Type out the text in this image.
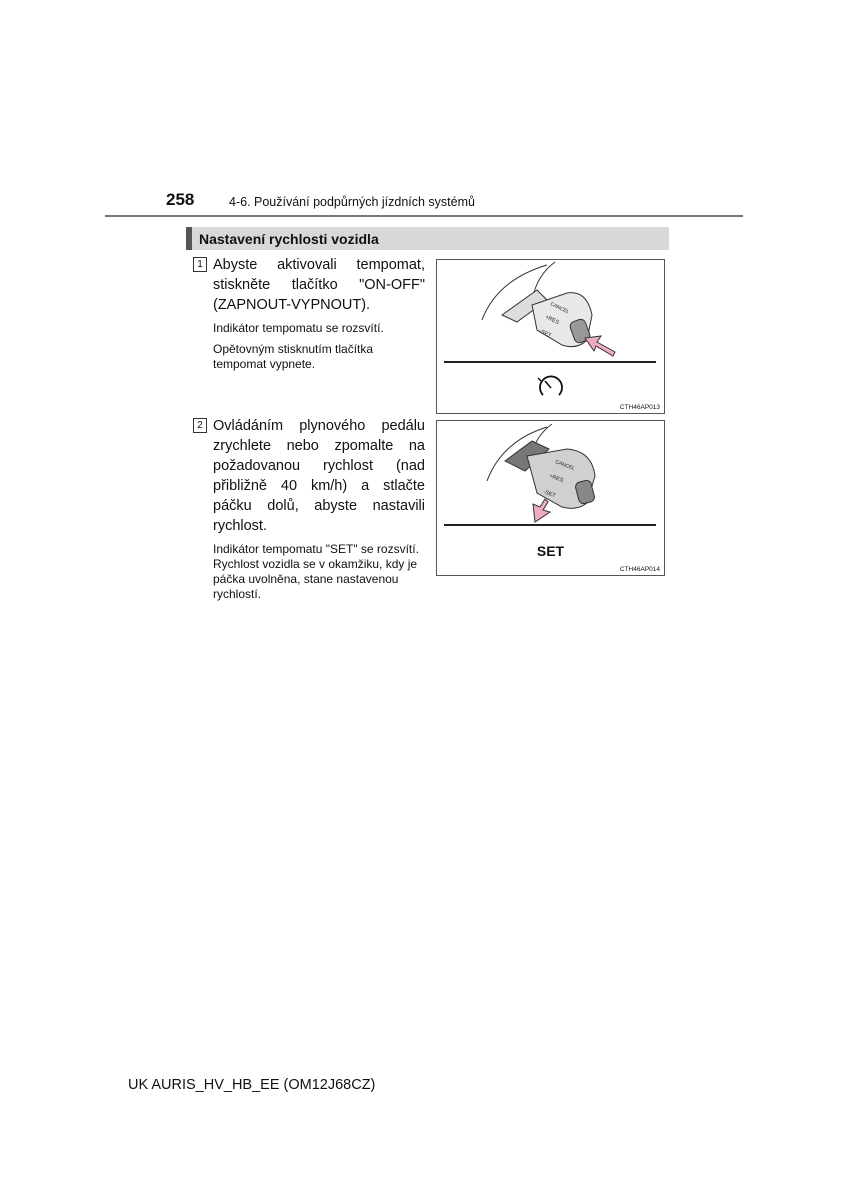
258	4-6. Používání podpůrných jízdních systémů
Nastavení rychlosti vozidla
1 Abyste aktivovali tempomat, stiskněte tlačítko "ON-OFF" (ZAPNOUT-VYPNOUT).
Indikátor tempomatu se rozsvítí.
Opětovným stisknutím tlačítka tempomat vypnete.
2 Ovládáním plynového pedálu zrychlete nebo zpomalte na požadovanou rychlost (nad přibližně 40 km/h) a stlačte páčku dolů, abyste nastavili rychlost.
Indikátor tempomatu "SET" se rozsvítí.
Rychlost vozidla se v okamžiku, kdy je páčka uvolněna, stane nastavenou rychlostí.
CANCEL
+RES
-SET
CTH46AP013
CANCEL
+RES
-SET
SET
CTH46AP014
UK AURIS_HV_HB_EE (OM12J68CZ)
